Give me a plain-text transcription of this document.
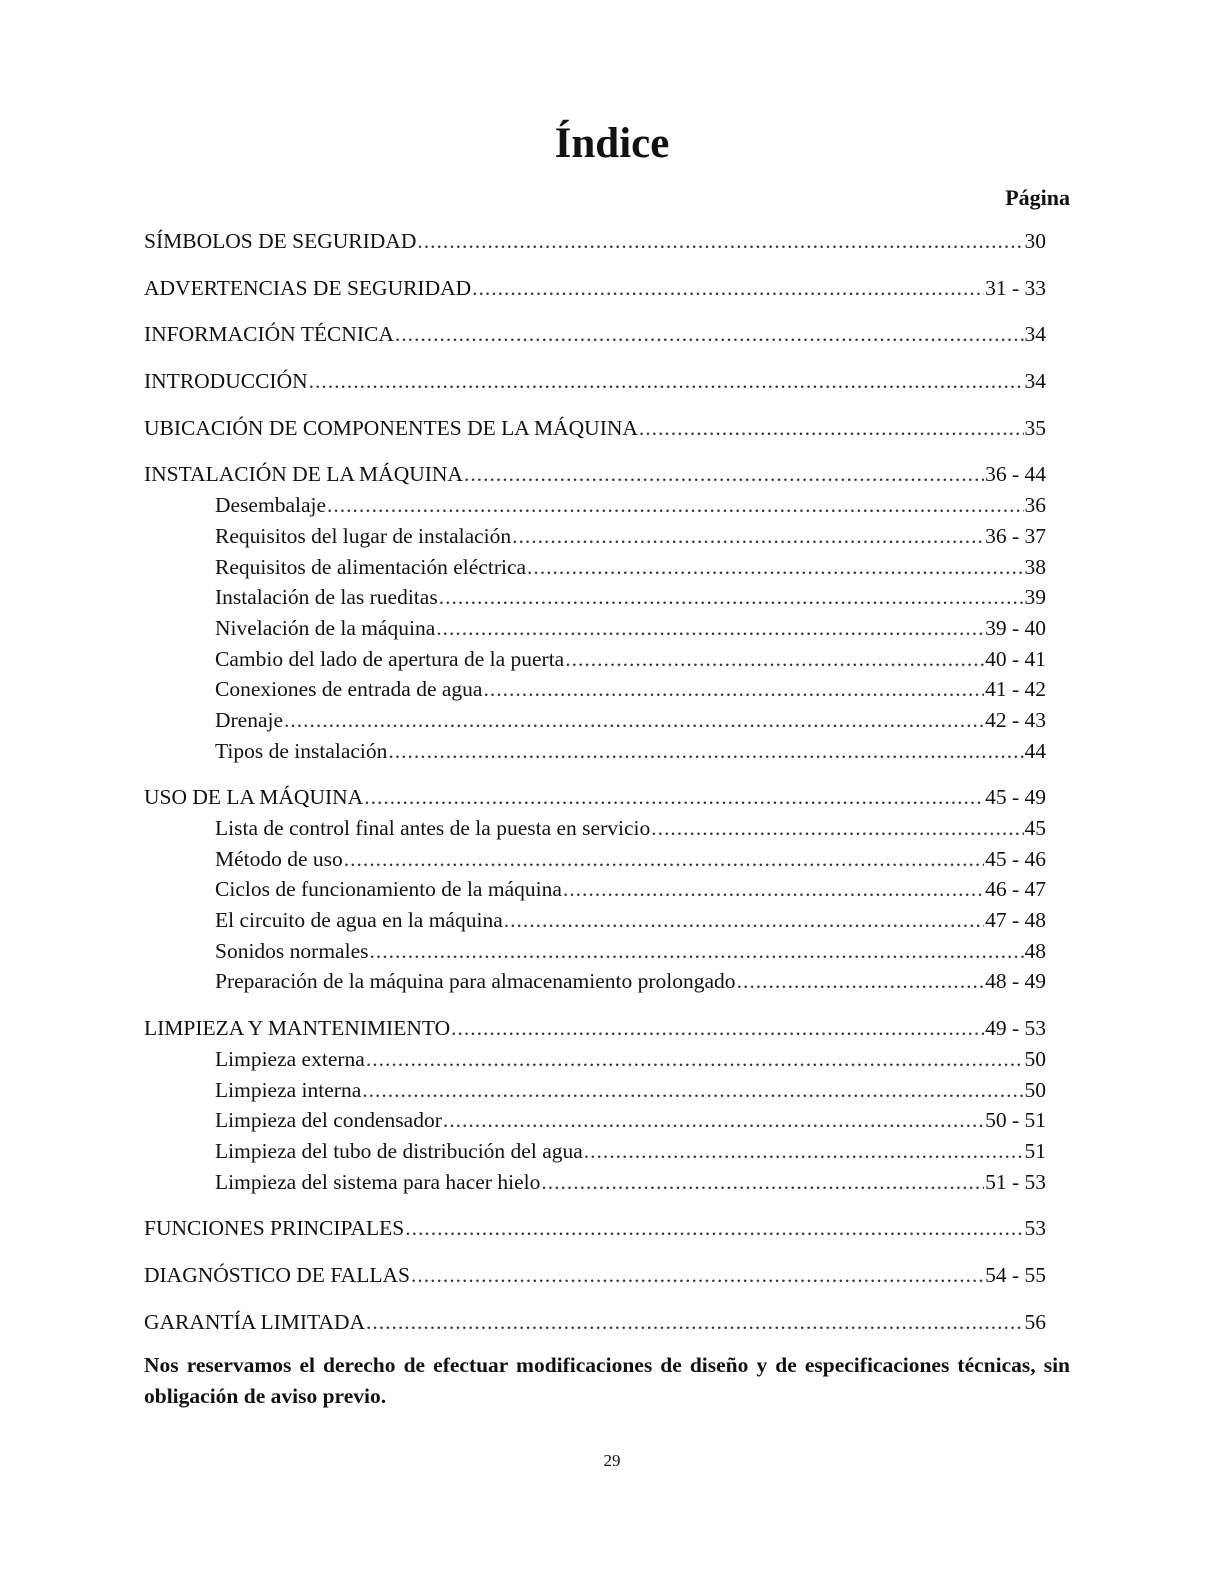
Índice
Página
SÍMBOLOS DE SEGURIDAD .....	30
ADVERTENCIAS DE SEGURIDAD .....	31 - 33
INFORMACIÓN TÉCNICA .....	34
INTRODUCCIÓN .....	34
UBICACIÓN DE COMPONENTES DE LA MÁQUINA .....	35
INSTALACIÓN DE LA MÁQUINA .....	36 - 44
Desembalaje .....	36
Requisitos del lugar de instalación .....	36 - 37
Requisitos de alimentación eléctrica .....	38
Instalación de las rueditas .....	39
Nivelación de la máquina .....	39 - 40
Cambio del lado de apertura de la puerta .....	40 - 41
Conexiones de entrada de agua .....	41 - 42
Drenaje .....	42 - 43
Tipos de instalación .....	44
USO DE LA MÁQUINA .....	45 - 49
Lista de control final antes de la puesta en servicio .....	45
Método de uso .....	45 - 46
Ciclos de funcionamiento de la máquina .....	46 - 47
El circuito de agua en la máquina .....	47 - 48
Sonidos normales .....	48
Preparación de la máquina para almacenamiento prolongado .....	48 - 49
LIMPIEZA Y MANTENIMIENTO .....	49 - 53
Limpieza externa .....	50
Limpieza interna .....	50
Limpieza del condensador .....	50 - 51
Limpieza del tubo de distribución del agua .....	51
Limpieza del sistema para hacer hielo .....	51 - 53
FUNCIONES PRINCIPALES .....	53
DIAGNÓSTICO DE FALLAS .....	54 - 55
GARANTÍA LIMITADA .....	56
Nos reservamos el derecho de efectuar modificaciones de diseño y de especificaciones técnicas, sin obligación de aviso previo.
29
